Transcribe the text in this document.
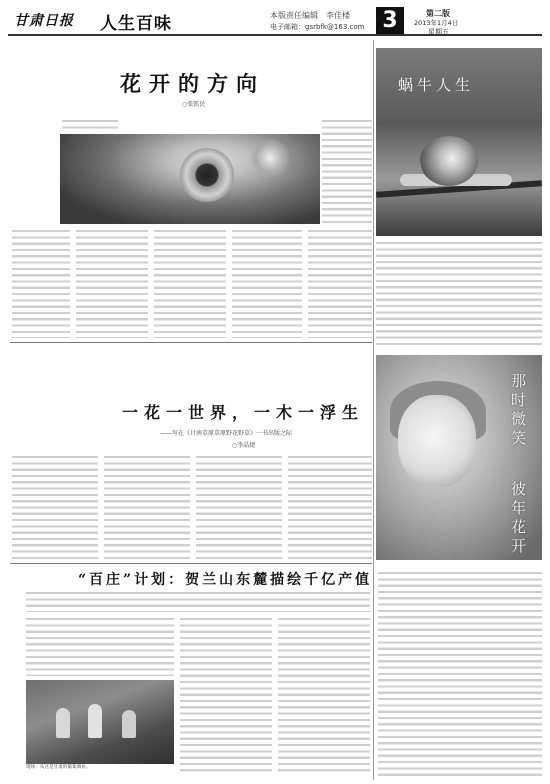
甘肃日报 人生百味	本版责任编辑　李佳楼
电子邮箱：gsrbfk@163.com 3	第二版
2013年1月4日
星期五
花开的方向
○张凯民
蜗牛人生
一花一世界，一木一浮生
——写在《甘南草原草原野花野草》一书出版之际
○李晶捷	那时微笑
彼年花开
“百庄”计划：贺兰山东麓描绘千亿产值
现场：从这是甘肃的葡萄酒业。
